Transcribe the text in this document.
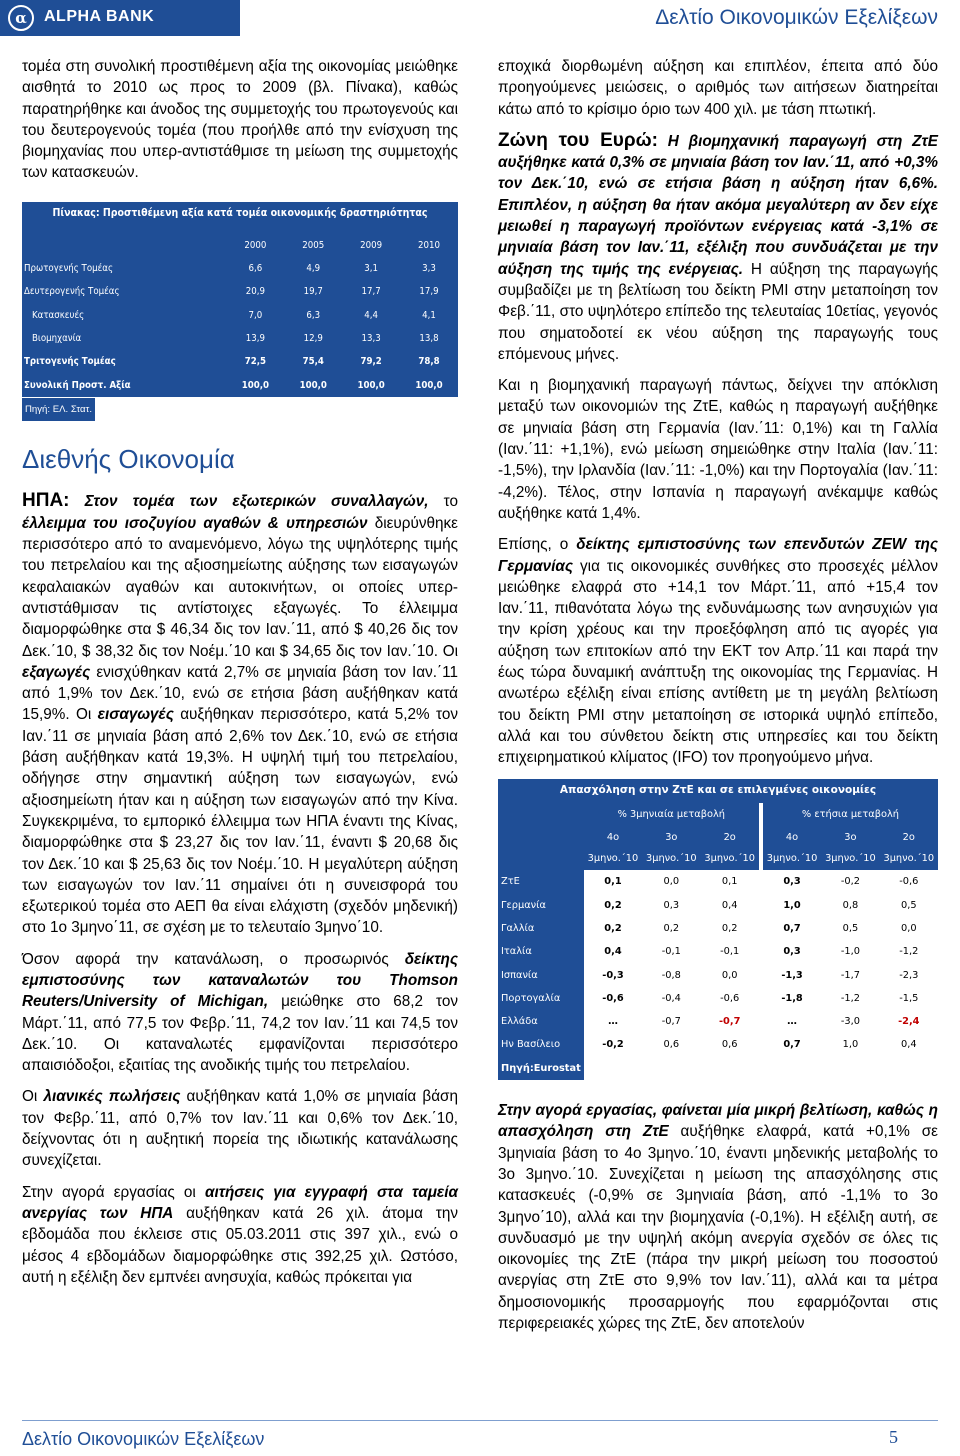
α	ALPHA BANK	Δελτίο Οικονομικών Εξελίξεων

τομέα στη συνολική προστιθέμενη αξία της οικονομίας μειώθηκε αισθητά το 2010 ως προς το 2009 (βλ. Πίνακα), καθώς παρατηρήθηκε και άνοδος της συμμετοχής του πρωτογενούς και του δευτερογενούς τομέα (που προήλθε από την ενίσχυση της βιομηχανίας που υπερ-αντιστάθμισε τη μείωση της συμμετοχής των κατασκευών.

Πίνακας: Προστιθέμενη αξία κατά τομέα οικονομικής δραστηριότητας				

	2000	2005	2009	2010
Πρωτογενής Τομέας	6,6	4,9	3,1	3,3
Δευτερογενής Τομέας	20,9	19,7	17,7	17,9
Κατασκευές	7,0	6,3	4,4	4,1
Βιομηχανία	13,9	12,9	13,3	13,8
Τριτογενής Τομέας	72,5	75,4	79,2	78,8
Συνολική Προστ. Αξία	100,0	100,0	100,0	100,0
Πηγή: ΕΛ. Στατ.
Διεθνής Οικονομία

ΗΠΑ: Στον τομέα των εξωτερικών συναλλαγών, το έλλειμμα του ισοζυγίου αγαθών & υπηρεσιών διευρύνθηκε περισσότερο από το αναμενόμενο, λόγω της υψηλότερης τιμής του πετρελαίου και της αξιοσημείωτης αύξησης των εισαγωγών κεφαλαιακών αγαθών και αυτοκινήτων, οι οποίες υπερ-αντιστάθμισαν τις αντίστοιχες εξαγωγές. Το έλλειμμα διαμορφώθηκε στα $ 46,34 δις τον Ιαν.΄11, από $ 40,26 δις τον Δεκ.΄10, $ 38,32 δις τον Νοέμ.΄10 και $ 34,65 δις τον Ιαν.΄10. Οι εξαγωγές ενισχύθηκαν κατά 2,7% σε μηνιαία βάση τον Ιαν.΄11 από 1,9% τον Δεκ.΄10, ενώ σε ετήσια βάση αυξήθηκαν κατά 15,9%. Οι εισαγωγές αυξήθηκαν περισσότερο, κατά 5,2% τον Ιαν.΄11 σε μηνιαία βάση από 2,6% τον Δεκ.΄10, ενώ σε ετήσια βάση αυξήθηκαν κατά 19,3%. Η υψηλή τιμή του πετρελαίου, οδήγησε στην σημαντική αύξηση των εισαγωγών, ενώ αξιοσημείωτη ήταν και η αύξηση των εισαγωγών από την Κίνα. Συγκεκριμένα, το εμπορικό έλλειμμα των ΗΠΑ έναντι της Κίνας, διαμορφώθηκε στα $ 23,27 δις τον Ιαν.΄11, έναντι $ 20,68 δις τον Δεκ.΄10 και $ 25,63 δις τον Νοέμ.΄10. Η μεγαλύτερη αύξηση των εισαγωγών τον Ιαν.΄11 σημαίνει ότι η συνεισφορά του εξωτερικού τομέα στο ΑΕΠ θα είναι ελάχιστη (σχεδόν μηδενική) στο 1ο 3μηνο΄11, σε σχέση με το τελευταίο 3μηνο΄10.

Όσον αφορά την κατανάλωση, ο προσωρινός δείκτης εμπιστοσύνης των καταναλωτών του Thomson Reuters/University of Michigan, μειώθηκε στο 68,2 τον Μάρτ.΄11, από 77,5 τον Φεβρ.΄11, 74,2 τον Ιαν.΄11 και 74,5 τον Δεκ.΄10. Οι καταναλωτές εμφανίζονται περισσότερο απαισιόδοξοι, εξαιτίας της ανοδικής τιμής του πετρελαίου.

Οι λιανικές πωλήσεις αυξήθηκαν κατά 1,0% σε μηνιαία βάση τον Φεβρ.΄11, από 0,7% τον Ιαν.΄11 και 0,6% τον Δεκ.΄10, δείχνοντας ότι η αυξητική πορεία της ιδιωτικής κατανάλωσης συνεχίζεται.

Στην αγορά εργασίας οι αιτήσεις για εγγραφή στα ταμεία ανεργίας των ΗΠΑ αυξήθηκαν κατά 26 χιλ. άτομα την εβδομάδα που έκλεισε στις 05.03.2011 στις 397 χιλ., ενώ ο μέσος 4 εβδομάδων διαμορφώθηκε στις 392,25 χιλ. Ωστόσο, αυτή η εξέλιξη δεν εμπνέει ανησυχία, καθώς πρόκειται για

εποχικά διορθωμένη αύξηση και επιπλέον, έπειτα από δύο προηγούμενες μειώσεις, ο αριθμός των αιτήσεων διατηρείται κάτω από το κρίσιμο όριο των 400 χιλ. με τάση πτωτική.

Ζώνη του Ευρώ: Η βιομηχανική παραγωγή στη ΖτΕ αυξήθηκε κατά 0,3% σε μηνιαία βάση τον Ιαν.΄11, από +0,3% τον Δεκ.΄10, ενώ σε ετήσια βάση η αύξηση ήταν 6,6%. Επιπλέον, η αύξηση θα ήταν ακόμα μεγαλύτερη αν δεν είχε μειωθεί η παραγωγή προϊόντων ενέργειας κατά -3,1% σε μηνιαία βάση τον Ιαν.΄11, εξέλιξη που συνδυάζεται με την αύξηση της τιμής της ενέργειας. Η αύξηση της παραγωγής συμβαδίζει με τη βελτίωση του δείκτη PMI στην μεταποίηση τον Φεβ.΄11, στο υψηλότερο επίπεδο της τελευταίας 10ετίας, γεγονός που σηματοδοτεί εκ νέου αύξηση της παραγωγής τους επόμενους μήνες.

Και η βιομηχανική παραγωγή πάντως, δείχνει την απόκλιση μεταξύ των οικονομιών της ΖτΕ, καθώς η παραγωγή αυξήθηκε σε μηνιαία βάση στη Γερμανία (Ιαν.΄11: 0,1%) και τη Γαλλία (Ιαν.΄11: +1,1%), ενώ μείωση σημειώθηκε στην Ιταλία (Ιαν.΄11: -1,5%), την Ιρλανδία (Ιαν.΄11: -1,0%) και την Πορτογαλία (Ιαν.΄11: -4,2%). Τέλος, στην Ισπανία η παραγωγή ανέκαμψε καθώς αυξήθηκε κατά 1,4%.

Επίσης, ο δείκτης εμπιστοσύνης των επενδυτών ZEW της Γερμανίας για τις οικονομικές συνθήκες στο προσεχές μέλλον μειώθηκε ελαφρά στο +14,1 τον Μάρτ.΄11, από +15,4 τον Ιαν.΄11, πιθανότατα λόγω της ενδυνάμωσης των ανησυχιών για την κρίση χρέους και την προεξόφληση από τις αγορές για αύξηση των επιτοκίων από την ΕΚΤ τον Απρ.΄11 και παρά την έως τώρα δυναμική ανάπτυξη της οικονομίας της Γερμανίας. Η ανωτέρω εξέλιξη είναι επίσης αντίθετη με τη μεγάλη βελτίωση του δείκτη PMI στην μεταποίηση σε ιστορικά υψηλό επίπεδο, αλλά και του σύνθετου δείκτη στις υπηρεσίες και του δείκτη επιχειρηματικού κλίματος (IFO) τον προηγούμενο μήνα.

Απασχόληση στην ΖτΕ και σε επιλεγμένες οικονομίες							
	% 3μηνιαία μεταβολή				% ετήσια μεταβολή		
	4ο 3μηνο.΄10	3ο 3μηνο.΄10	2ο 3μηνο.΄10		4ο 3μηνο.΄10	3ο 3μηνο.΄10	2ο 3μηνο.΄10
ΖτΕ	0,1	0,0	0,1		0,3	-0,2	-0,6
Γερμανία	0,2	0,3	0,4		1,0	0,8	0,5
Γαλλία	0,2	0,2	0,2		0,7	0,5	0,0
Ιταλία	0,4	-0,1	-0,1		0,3	-1,0	-1,2
Ισπανία	-0,3	-0,8	0,0		-1,3	-1,7	-2,3
Πορτογαλία	-0,6	-0,4	-0,6		-1,8	-1,2	-1,5
Ελλάδα	…	-0,7	-0,7		…	-3,0	-2,4
Ην Βασίλειο	-0,2	0,6	0,6		0,7	1,0	0,4
Πηγή:Eurostat							

Στην αγορά εργασίας, φαίνεται μία μικρή βελτίωση, καθώς η απασχόληση στη ΖτΕ αυξήθηκε ελαφρά, κατά +0,1% σε 3μηνιαία βάση το 4ο 3μηνο.΄10, έναντι μηδενικής μεταβολής το 3ο 3μηνο.΄10. Συνεχίζεται η μείωση της απασχόλησης στις κατασκευές (-0,9% σε 3μηνιαία βάση, από -1,1% το 3ο 3μηνο΄10), αλλά και την βιομηχανία (-0,1%). Η εξέλιξη αυτή, σε συνδυασμό με την υψηλή ακόμη ανεργία σχεδόν σε όλες τις οικονομίες της ΖτΕ (πάρα την μικρή μείωση του ποσοστού ανεργίας στη ΖτΕ στο 9,9% τον Ιαν.΄11), αλλά και τα μέτρα δημοσιονομικής προσαρμογής που εφαρμόζονται στις περιφερειακές χώρες της ΖτΕ, δεν αποτελούν

Δελτίο Οικονομικών Εξελίξεων	5
